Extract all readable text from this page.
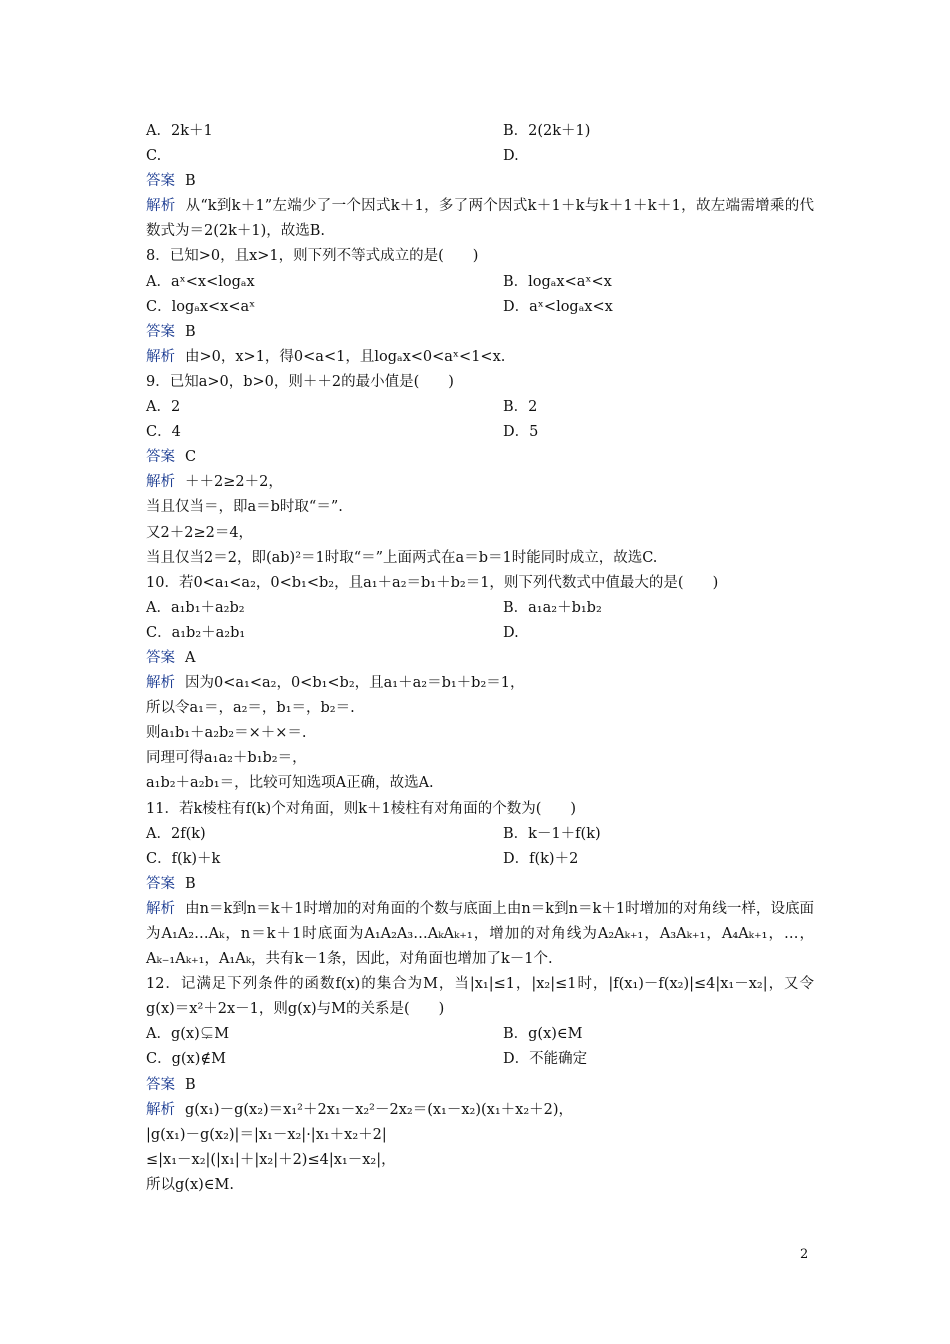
A．2k＋1	B．2(2k＋1)
C.	D.
答案 B
解析 从“k到k＋1”左端少了一个因式k＋1，多了两个因式k＋1＋k与k＋1＋k＋1，故左端需增乘的代数式为＝2(2k＋1)，故选B.
8．已知>0，且x>1，则下列不等式成立的是(　　)
A．aˣ<x<logₐx	B．logₐx<aˣ<x
C．logₐx<x<aˣ	D．aˣ<logₐx<x
答案 B
解析 由>0，x>1，得0<a<1，且logₐx<0<aˣ<1<x.
9．已知a>0，b>0，则＋＋2的最小值是(　　)
A．2	B．2
C．4	D．5
答案 C
解析 ＋＋2≥2＋2，
当且仅当＝，即a＝b时取“＝”.
又2＋2≥2＝4，
当且仅当2＝2，即(ab)²＝1时取“＝”上面两式在a＝b＝1时能同时成立，故选C.
10．若0<a₁<a₂，0<b₁<b₂，且a₁＋a₂＝b₁＋b₂＝1，则下列代数式中值最大的是(　　)
A．a₁b₁＋a₂b₂	B．a₁a₂＋b₁b₂
C．a₁b₂＋a₂b₁	D.
答案 A
解析 因为0<a₁<a₂，0<b₁<b₂，且a₁＋a₂＝b₁＋b₂＝1，
所以令a₁＝，a₂＝，b₁＝，b₂＝.
则a₁b₁＋a₂b₂＝×＋×＝.
同理可得a₁a₂＋b₁b₂＝，
a₁b₂＋a₂b₁＝，比较可知选项A正确，故选A.
11．若k棱柱有f(k)个对角面，则k＋1棱柱有对角面的个数为(　　)
A．2f(k)	B．k－1＋f(k)
C．f(k)＋k	D．f(k)＋2
答案 B
解析 由n＝k到n＝k＋1时增加的对角面的个数与底面上由n＝k到n＝k＋1时增加的对角线一样，设底面为A₁A₂…Aₖ，n＝k＋1时底面为A₁A₂A₃…AₖAₖ₊₁，增加的对角线为A₂Aₖ₊₁，A₃Aₖ₊₁，A₄Aₖ₊₁，…，Aₖ₋₁Aₖ₊₁，A₁Aₖ，共有k－1条，因此，对角面也增加了k－1个.
12．记满足下列条件的函数f(x)的集合为M，当|x₁|≤1，|x₂|≤1时，|f(x₁)－f(x₂)|≤4|x₁－x₂|，又令g(x)＝x²＋2x－1，则g(x)与M的关系是(　　)
A．g(x)⊊M	B．g(x)∈M
C．g(x)∉M	D．不能确定
答案 B
解析 g(x₁)－g(x₂)＝x₁²＋2x₁－x₂²－2x₂＝(x₁－x₂)(x₁＋x₂＋2)，
|g(x₁)－g(x₂)|＝|x₁－x₂|·|x₁＋x₂＋2|
≤|x₁－x₂|(|x₁|＋|x₂|＋2)≤4|x₁－x₂|，
所以g(x)∈M.
2
